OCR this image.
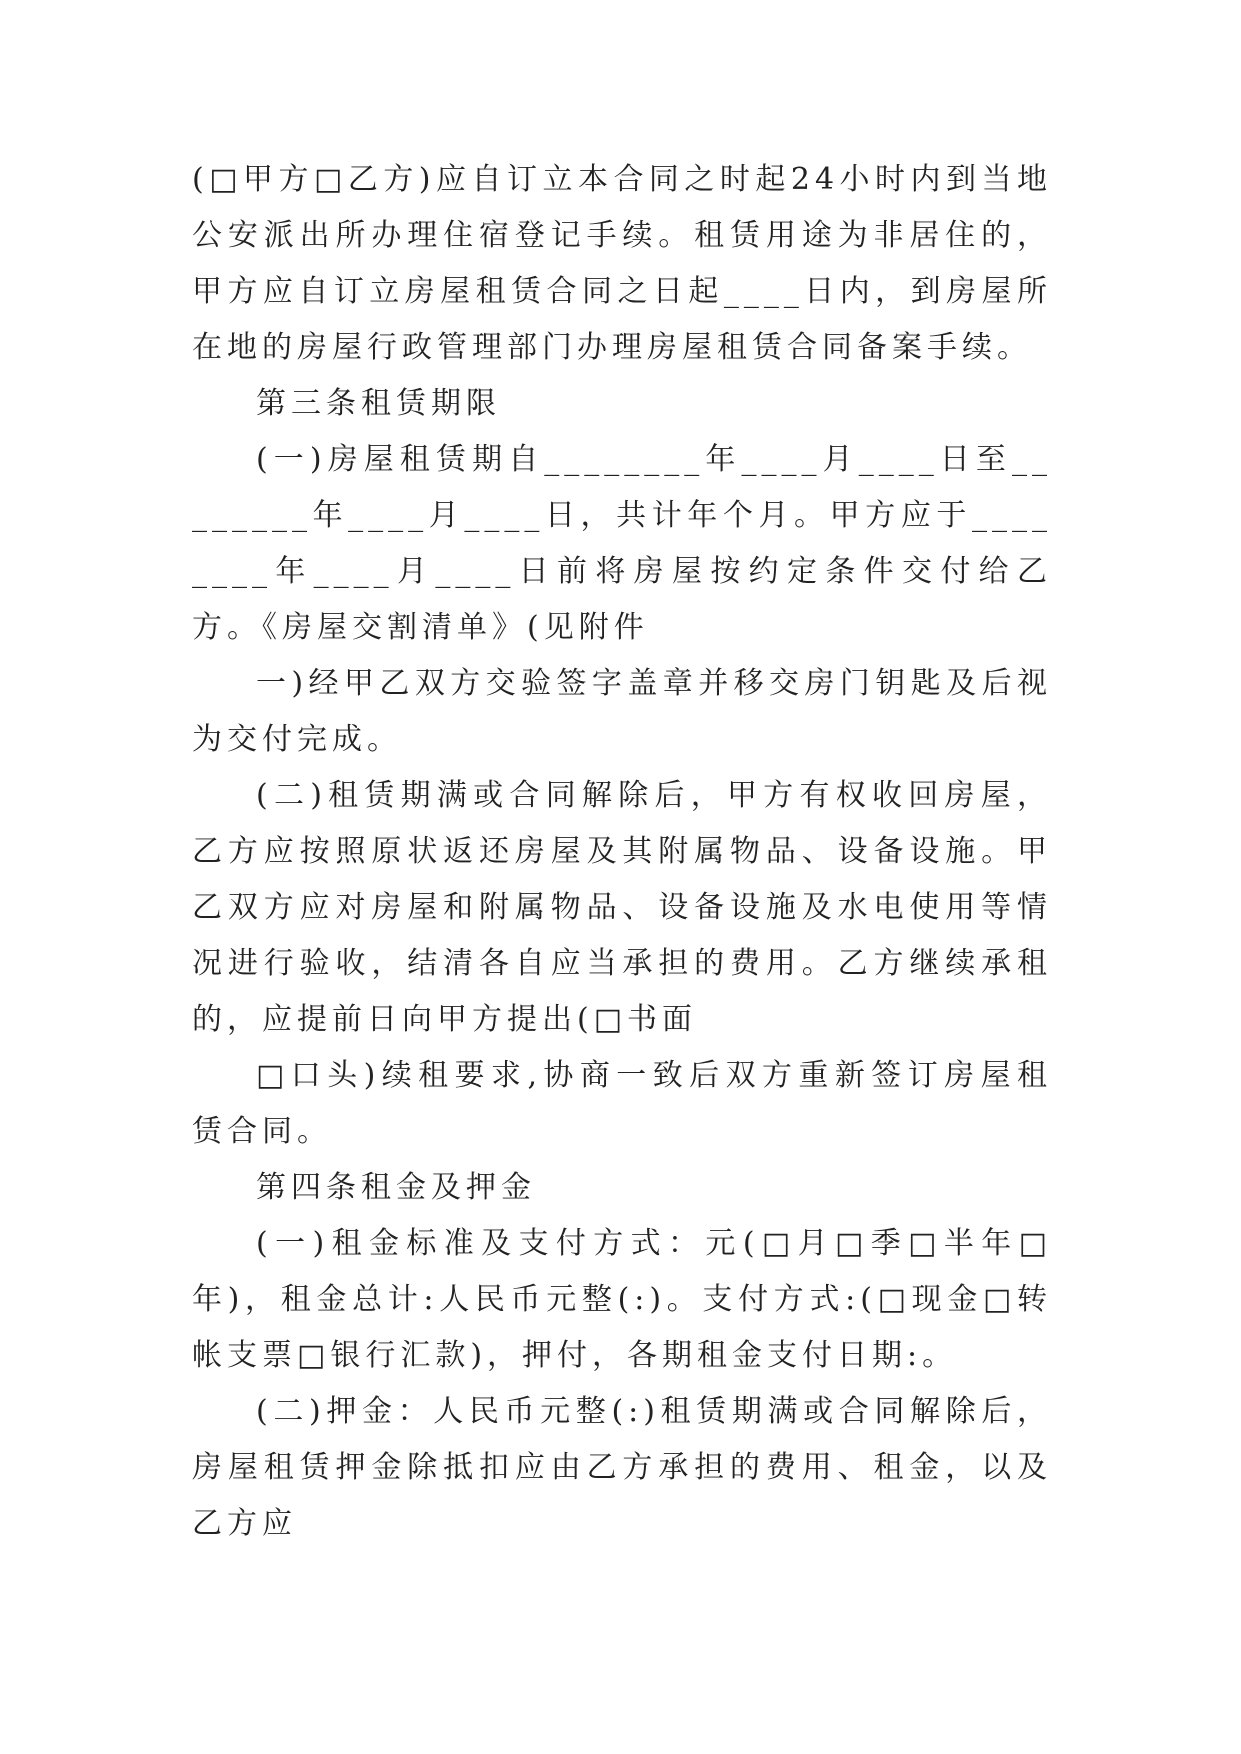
(□甲方□乙方)应自订立本合同之时起24小时内到当地公安派出所办理住宿登记手续。租赁用途为非居住的，甲方应自订立房屋租赁合同之日起____日内，到房屋所在地的房屋行政管理部门办理房屋租赁合同备案手续。

第三条租赁期限

(一)房屋租赁期自________年____月____日至________年____月____日，共计年个月。甲方应于________年____月____日前将房屋按约定条件交付给乙方。《房屋交割清单》(见附件

一)经甲乙双方交验签字盖章并移交房门钥匙及后视为交付完成。

(二)租赁期满或合同解除后，甲方有权收回房屋，乙方应按照原状返还房屋及其附属物品、设备设施。甲乙双方应对房屋和附属物品、设备设施及水电使用等情况进行验收，结清各自应当承担的费用。乙方继续承租的，应提前日向甲方提出(□书面

□口头)续租要求,协商一致后双方重新签订房屋租赁合同。

第四条租金及押金

(一)租金标准及支付方式：元(□月□季□半年□年)，租金总计:人民币元整(:)。支付方式:(□现金□转帐支票□银行汇款)，押付，各期租金支付日期:。

(二)押金：人民币元整(:)租赁期满或合同解除后，房屋租赁押金除抵扣应由乙方承担的费用、租金，以及乙方应
